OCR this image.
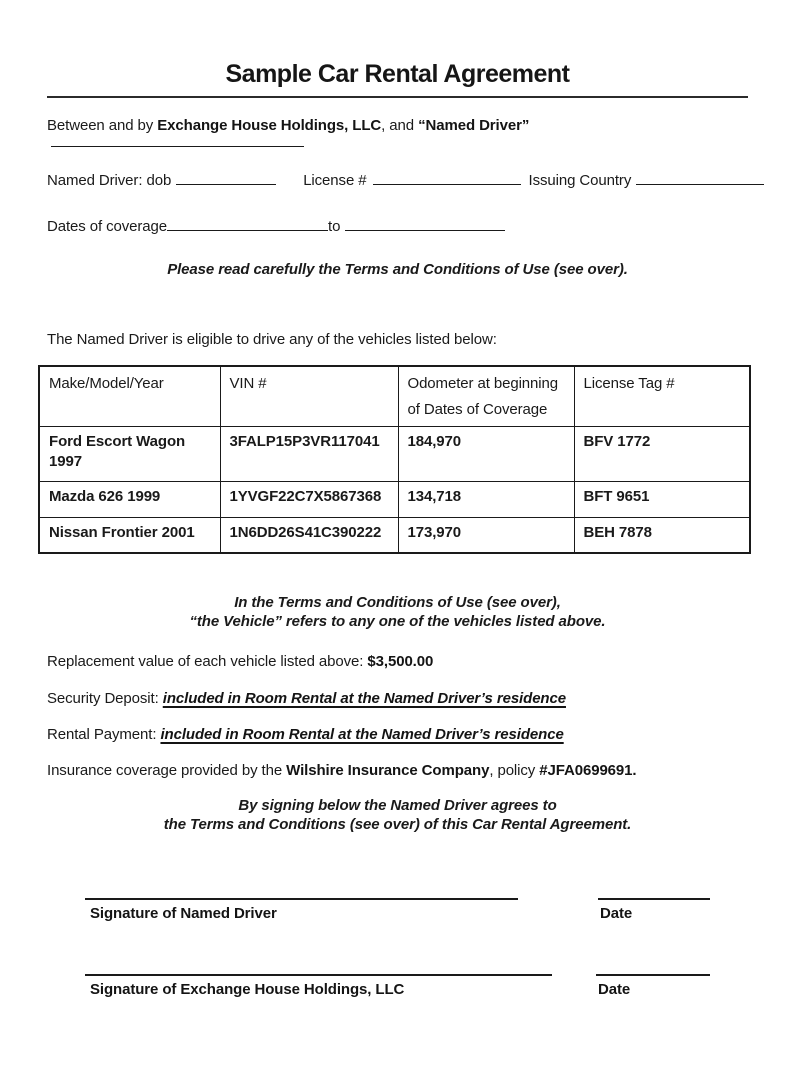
Sample Car Rental Agreement

Between and by Exchange House Holdings, LLC, and “Named Driver”

Named Driver: dob	License #	Issuing Country

Dates of coverage	to

Please read carefully the Terms and Conditions of Use (see over).

The Named Driver is eligible to drive any of the vehicles listed below:

Make/Model/Year	VIN #	Odometer at beginning of Dates of Coverage	License Tag #
Ford Escort Wagon 1997	3FALP15P3VR117041	184,970	BFV 1772
Mazda 626 1999	1YVGF22C7X5867368	134,718	BFT 9651
Nissan Frontier 2001	1N6DD26S41C390222	173,970	BEH 7878
In the Terms and Conditions of Use (see over),
“the Vehicle” refers to any one of the vehicles listed above.

Replacement value of each vehicle listed above: $3,500.00

Security Deposit: included in Room Rental at the Named Driver’s residence

Rental Payment: included in Room Rental at the Named Driver’s residence

Insurance coverage provided by the Wilshire Insurance Company, policy #JFA0699691.

By signing below the Named Driver agrees to
the Terms and Conditions (see over) of this Car Rental Agreement.
Signature of Named Driver	Date
Signature of Exchange House Holdings, LLC	Date
